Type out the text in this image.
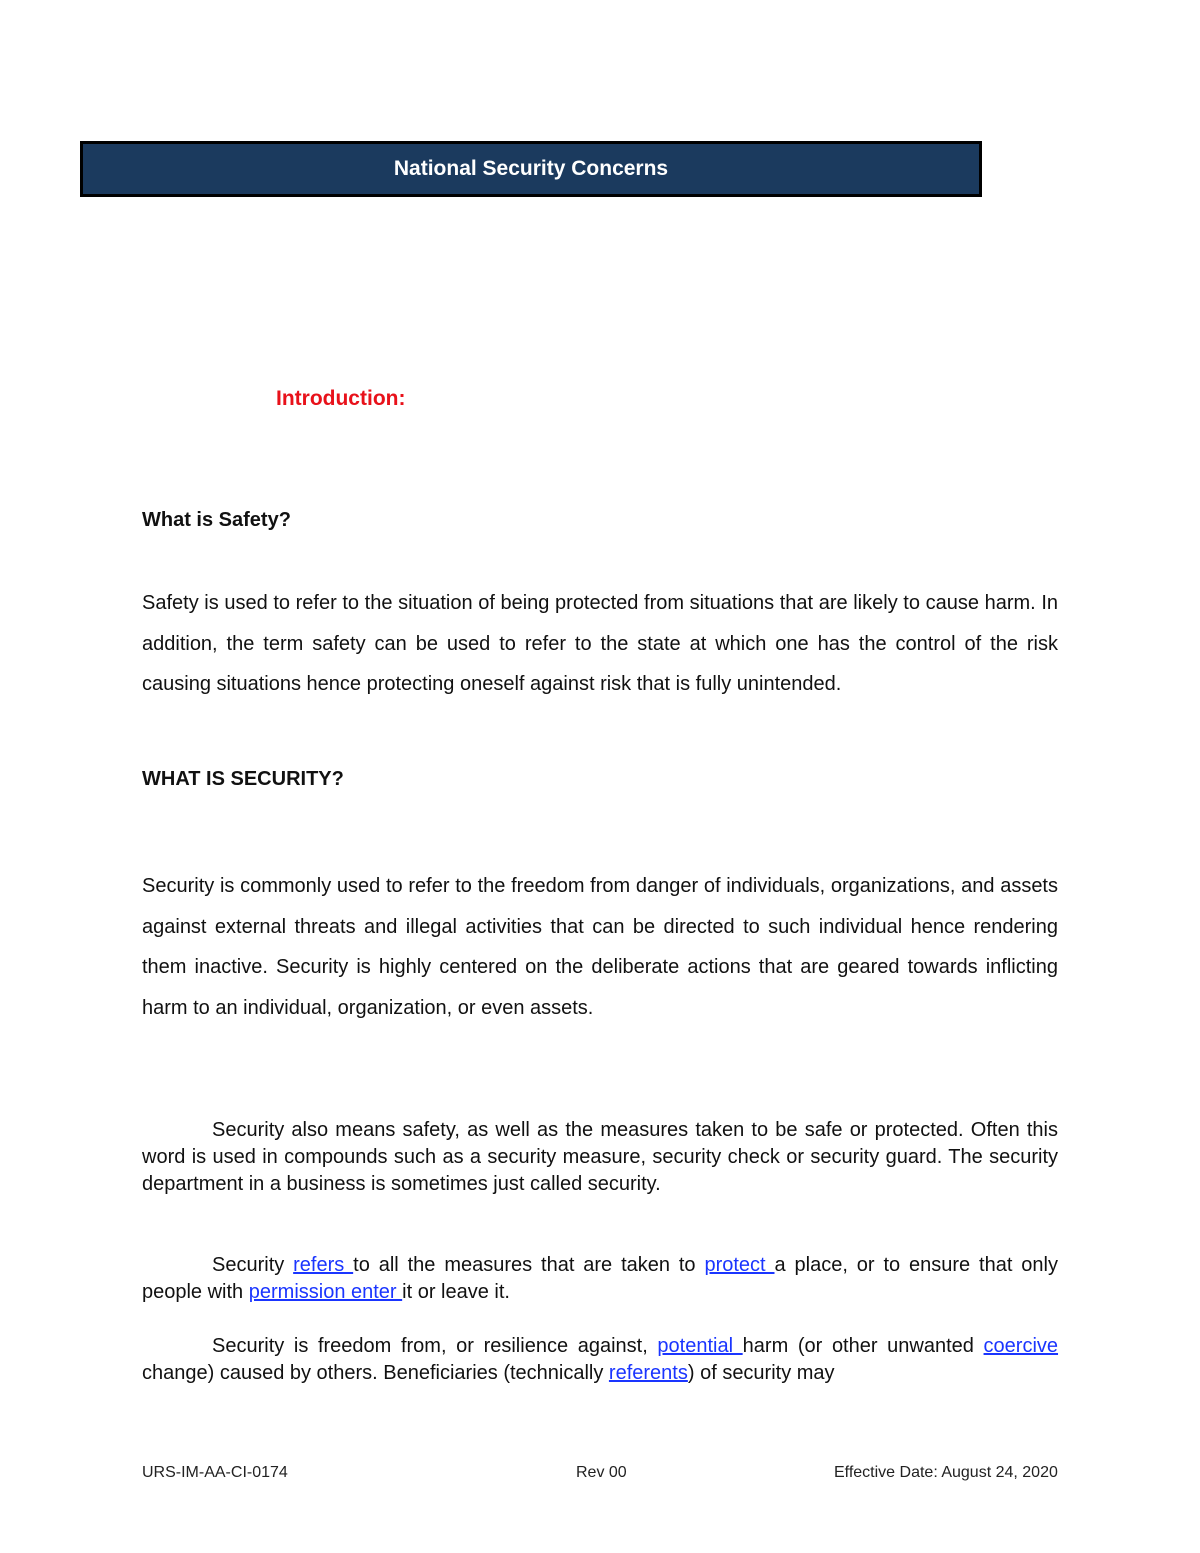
National Security Concerns
Introduction:
What is Safety?

Safety is used to refer to the situation of being protected from situations that are likely to cause harm. In addition, the term safety can be used to refer to the state at which one has the control of the risk causing situations hence protecting oneself against risk that is fully unintended.

WHAT IS SECURITY?

Security is commonly used to refer to the freedom from danger of individuals, organizations, and assets against external threats and illegal activities that can be directed to such individual hence rendering them inactive. Security is highly centered on the deliberate actions that are geared towards inflicting harm to an individual, organization, or even assets.

Security also means safety, as well as the measures taken to be safe or protected. Often this word is used in compounds such as a security measure, security check or security guard. The security department in a business is sometimes just called security.

Security refers to all the measures that are taken to protect a place, or to ensure that only people with permission enter it or leave it.

Security is freedom from, or resilience against, potential harm (or other unwanted coercive change) caused by others. Beneficiaries (technically referents) of security may

URS-IM-AA-CI-0174	Rev 00	Effective Date: August 24, 2020
